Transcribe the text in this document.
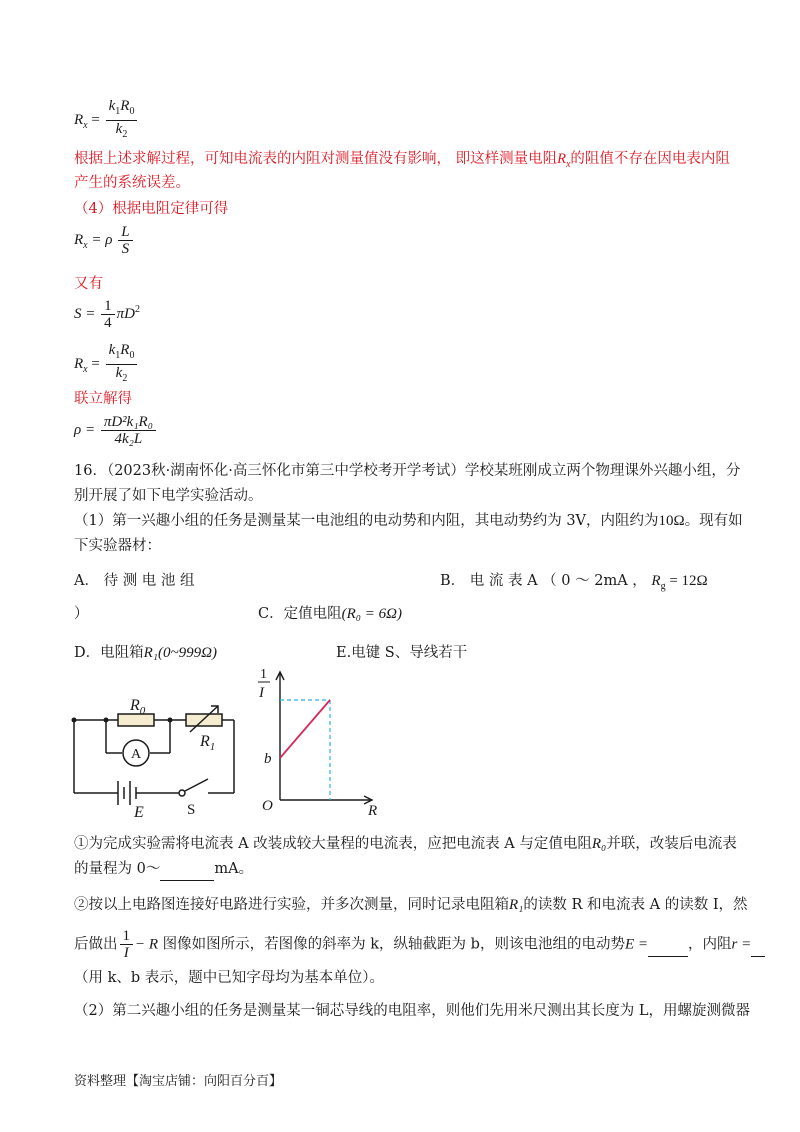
$R_x = \frac{k_1R_0}{k_2}$
根据上述求解过程，可知电流表的内阻对测量值没有影响， 即这样测量电阻$R_x$的阻值不存在因电表内阻
产生的系统误差。
（4）根据电阻定律可得
$R_x = \rho \frac{L}{S}$
又有
$S = \frac{1}{4} \pi D^2$
$R_x = \frac{k_1R_0}{k_2}$
联立解得
$\rho = \frac{\text{πD²k₁R₀}}{\text{4k₂L}}$
16．（2023秋·湖南怀化·高三怀化市第三中学校考开学考试）学校某班刚成立两个物理课外兴趣小组，分
别开展了如下电学实验活动。
（1）第一兴趣小组的任务是测量某一电池组的电动势和内阻，其电动势约为 3V，内阻约为10Ω。现有如
下实验器材：
A． 待 测 电 池 组	B． 电 流 表 A （ 0 ～ 2mA ， $R_g = 12\Omega$
）	C．定值电阻(R₀ = 6Ω)
D．电阻箱R₁(0~999Ω)	E.电键 S、导线若干
$R_0$
A
$R_1$
E	S
1
I
b
O	R
①为完成实验需将电流表 A 改装成较大量程的电流表，应把电流表 A 与定值电阻R₀并联，改装后电流表
的量程为 0～	mA。
②按以上电路图连接好电路进行实验，并多次测量，同时记录电阻箱R₁的读数 R 和电流表 A 的读数 I，然
后做出 $\frac{1}{I} - R$ 图像如图所示，若图像的斜率为 k，纵轴截距为 b，则该电池组的电动势E =	，内阻r =
（用 k、b 表示，题中已知字母均为基本单位）。
（2）第二兴趣小组的任务是测量某一铜芯导线的电阻率，则他们先用米尺测出其长度为 L，用螺旋测微器
资料整理【淘宝店铺：向阳百分百】
